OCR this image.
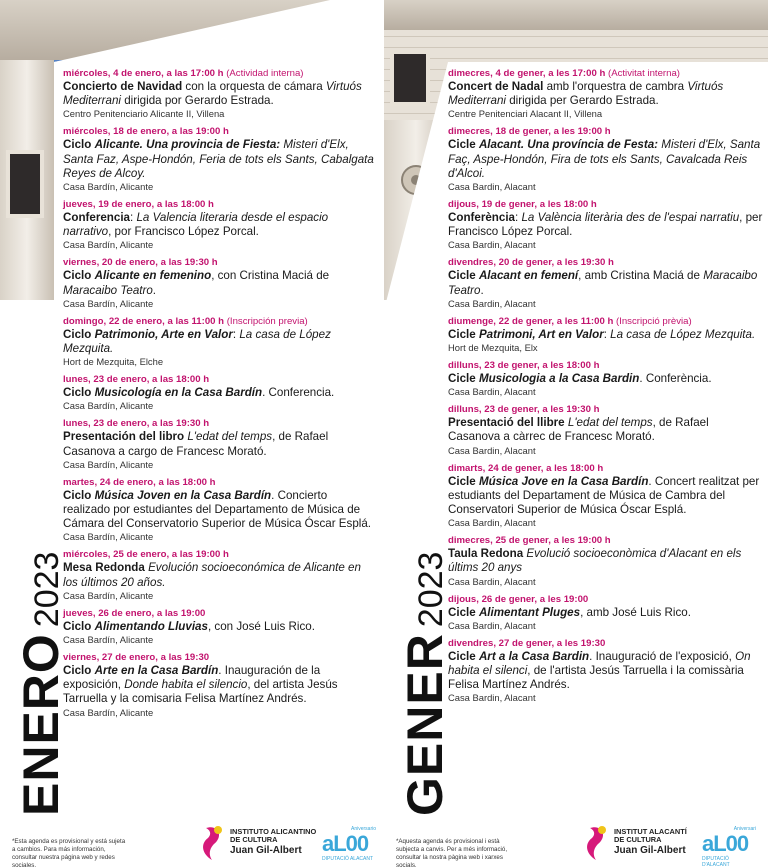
miércoles, 4 de enero, a las 17:00 h (Actividad interna)
Concierto de Navidad con la orquesta de cámara Virtuós Mediterrani dirigida por Gerardo Estrada.
Centro Penitenciario Alicante II, Villena
miércoles, 18 de enero, a las 19:00 h
Ciclo Alicante. Una provincia de Fiesta: Misteri d'Elx, Santa Faz, Aspe-Hondón, Feria de tots els Sants, Cabalgata Reyes de Alcoy.
Casa Bardín, Alicante
jueves, 19 de enero, a las 18:00 h
Conferencia: La Valencia literaria desde el espacio narrativo, por Francisco López Porcal.
Casa Bardín, Alicante
viernes, 20 de enero, a las 19:30 h
Ciclo Alicante en femenino, con Cristina Maciá de Maracaibo Teatro.
Casa Bardín, Alicante
domingo, 22 de enero, a las 11:00 h (Inscripción previa)
Ciclo Patrimonio, Arte en Valor: La casa de López Mezquita.
Hort de Mezquita, Elche
lunes, 23 de enero, a las 18:00 h
Ciclo Musicología en la Casa Bardín. Conferencia.
Casa Bardín, Alicante
lunes, 23 de enero, a las 19:30 h
Presentación del libro L'edat del temps, de Rafael Casanova a cargo de Francesc Morató.
Casa Bardín, Alicante
martes, 24 de enero, a las 18:00 h
Ciclo Música Joven en la Casa Bardín. Concierto realizado por estudiantes del Departamento de Música de Cámara del Conservatorio Superior de Música Óscar Esplá.
Casa Bardín, Alicante
miércoles, 25 de enero, a las 19:00 h
Mesa Redonda Evolución socioeconómica de Alicante en los últimos 20 años.
Casa Bardín, Alicante
jueves, 26 de enero, a las 19:00
Ciclo Alimentando Lluvias, con José Luis Rico.
Casa Bardín, Alicante
viernes, 27 de enero, a las 19:30
Ciclo Arte en la Casa Bardín. Inauguración de la exposición, Donde habita el silencio, del artista Jesús Tarruella y la comisaria Felisa Martínez Andrés.
Casa Bardín, Alicante
ENERO2023
*Esta agenda es provisional y está sujeta a cambios. Para más información, consultar nuestra página web y redes sociales.
INSTITUTO ALICANTINO
DE CULTURA
Juan Gil-Albert
Aniversario
aL00
DIPUTACIÓ ALACANT
dimecres, 4 de gener, a les 17:00 h (Activitat interna)
Concert de Nadal amb l'orquestra de cambra Virtuós Mediterrani dirigida per Gerardo Estrada.
Centre Penitenciari Alacant II, Villena
dimecres, 18 de gener, a les 19:00 h
Cicle Alacant. Una província de Festa: Misteri d'Elx, Santa Faç, Aspe-Hondón, Fira de tots els Sants, Cavalcada Reis d'Alcoi.
Casa Bardin, Alacant
dijous, 19 de gener, a les 18:00 h
Conferència: La València literària des de l'espai narratiu, per Francisco López Porcal.
Casa Bardin, Alacant
divendres, 20 de gener, a les 19:30 h
Cicle Alacant en femení, amb Cristina Maciá de Maracaibo Teatro.
Casa Bardin, Alacant
diumenge, 22 de gener, a les 11:00 h (Inscripció prèvia)
Cicle Patrimoni, Art en Valor: La casa de López Mezquita.
Hort de Mezquita, Elx
dilluns, 23 de gener, a les 18:00 h
Cicle Musicologia a la Casa Bardin. Conferència.
Casa Bardin, Alacant
dilluns, 23 de gener, a les 19:30 h
Presentació del llibre L'edat del temps, de Rafael Casanova a càrrec de Francesc Morató.
Casa Bardin, Alacant
dimarts, 24 de gener, a les 18:00 h
Cicle Música Jove en la Casa Bardín. Concert realitzat per estudiants del Departament de Música de Cambra del Conservatori Superior de Música Óscar Esplá.
Casa Bardin, Alacant
dimecres, 25 de gener, a les 19:00 h
Taula Redona Evolució socioeconòmica d'Alacant en els últims 20 anys
Casa Bardin, Alacant
dijous, 26 de gener, a les 19:00
Cicle Alimentant Pluges, amb José Luis Rico.
Casa Bardin, Alacant
divendres, 27 de gener, a les 19:30
Cicle Art a la Casa Bardin. Inauguració de l'exposició, On habita el silenci, de l'artista Jesús Tarruella i la comissària Felisa Martínez Andrés.
Casa Bardin, Alacant
GENER2023
*Aquesta agenda és provisional i està subjecta a canvis. Per a més informació, consultar la nostra pàgina web i xarxes socials.
INSTITUT ALACANTÍ
DE CULTURA
Juan Gil-Albert
Aniversari
aL00
DIPUTACIÓ D'ALACANT
